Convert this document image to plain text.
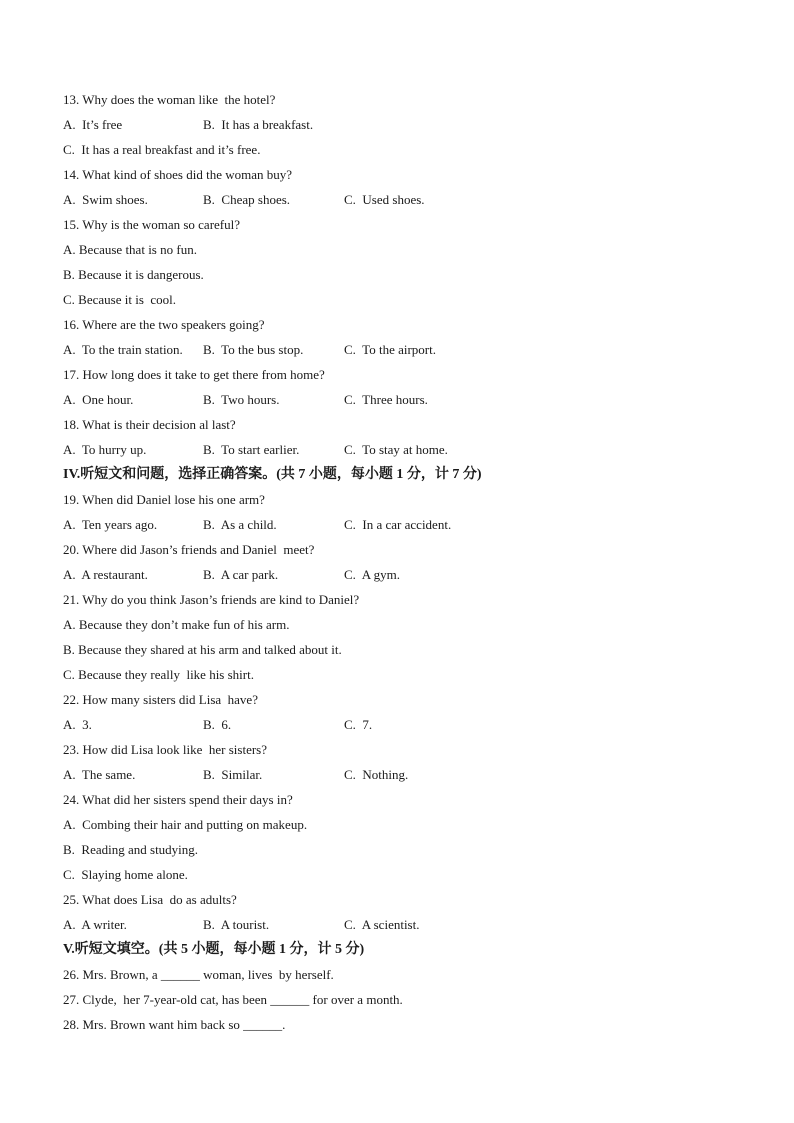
13. Why does the woman like  the hotel?
A.  It’s free	B.  It has a breakfast.
C.  It has a real breakfast and it’s free.
14. What kind of shoes did the woman buy?
A.  Swim shoes.	B.  Cheap shoes.	C.  Used shoes.
15. Why is the woman so careful?
A. Because that is no fun.
B. Because it is dangerous.
C. Because it is  cool.
16. Where are the two speakers going?
A.  To the train station. B.  To the bus stop.	C.  To the airport.
17. How long does it take to get there from home?
A.  One hour.	B.  Two hours.	C.  Three hours.
18. What is their decision al last?
A.  To hurry up.	B.  To start earlier.	C.  To stay at home.
IV.听短文和问题，选择正确答案。(共 7 小题，每小题 1 分，计 7 分)
19. When did Daniel lose his one arm?
A.  Ten years ago.	B.  As a child.	C.  In a car accident.
20. Where did Jason’s friends and Daniel  meet?
A.  A restaurant.	B.  A car park.	C.  A gym.
21. Why do you think Jason’s friends are kind to Daniel?
A. Because they don’t make fun of his arm.
B. Because they shared at his arm and talked about it.
C. Because they really  like his shirt.
22. How many sisters did Lisa  have?
A.  3.	B.  6.	C.  7.
23. How did Lisa look like  her sisters?
A.  The same.	B.  Similar.	C.  Nothing.
24. What did her sisters spend their days in?
A.  Combing their hair and putting on makeup.
B.  Reading and studying.
C.  Slaying home alone.
25. What does Lisa  do as adults?
A.  A writer.	B.  A tourist.	C.  A scientist.
V.听短文填空。(共 5 小题，每小题 1 分，计 5 分)
26. Mrs. Brown, a ______ woman, lives  by herself.
27. Clyde,  her 7-year-old cat, has been ______ for over a month.
28. Mrs. Brown want him back so ______.
